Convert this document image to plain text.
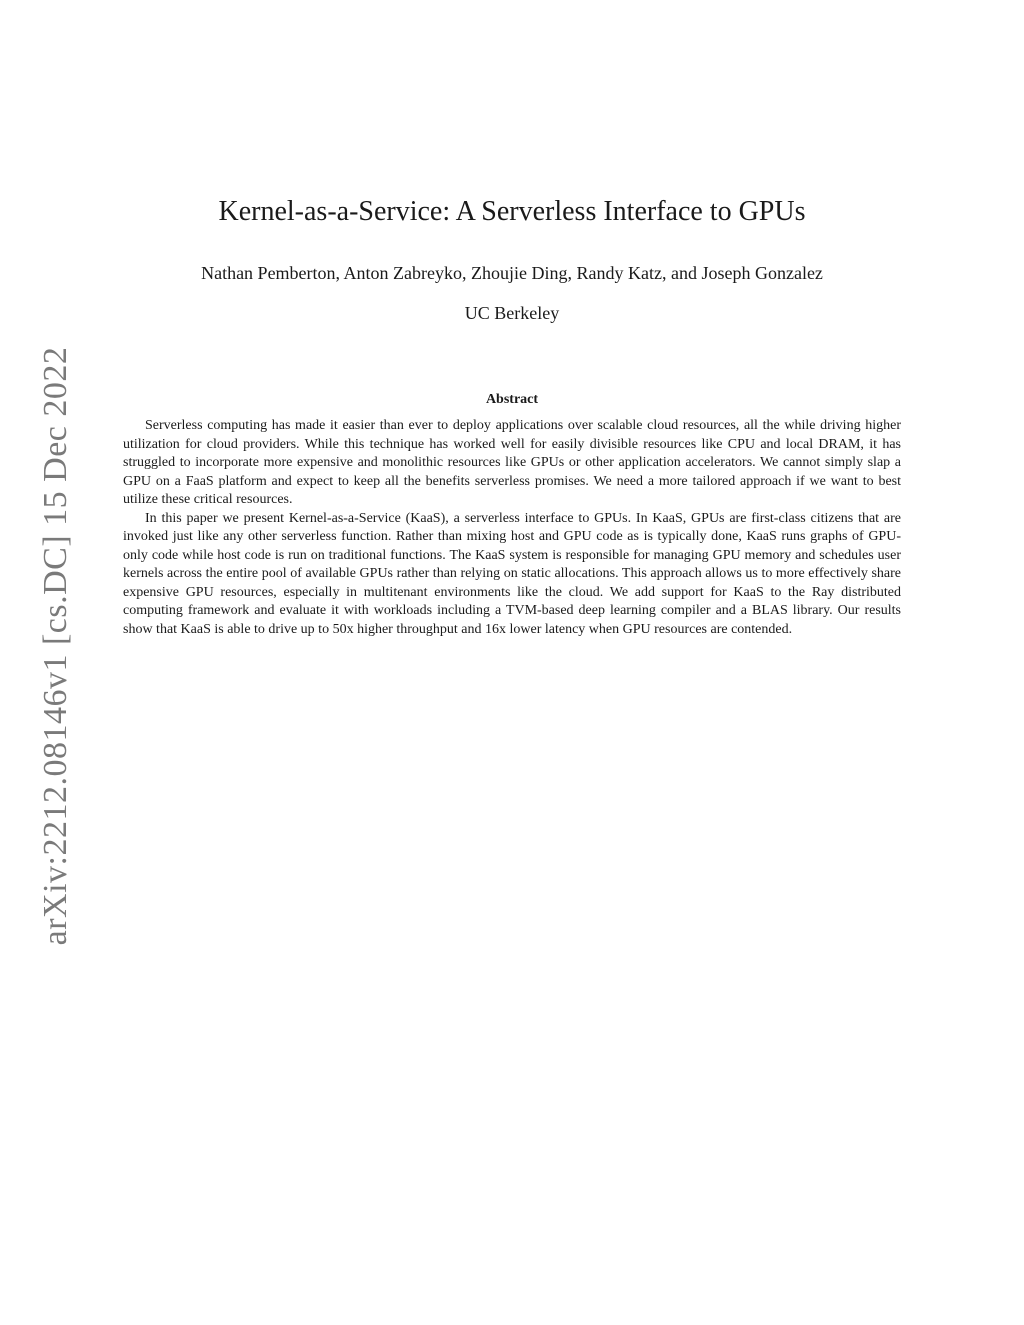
arXiv:2212.08146v1 [cs.DC] 15 Dec 2022
Kernel-as-a-Service: A Serverless Interface to GPUs
Nathan Pemberton, Anton Zabreyko, Zhoujie Ding, Randy Katz, and Joseph Gonzalez
UC Berkeley
Abstract

Serverless computing has made it easier than ever to deploy applications over scalable cloud resources, all the while driving higher utilization for cloud providers. While this technique has worked well for easily divisible resources like CPU and local DRAM, it has struggled to incorporate more expensive and monolithic resources like GPUs or other application accelerators. We cannot simply slap a GPU on a FaaS platform and expect to keep all the benefits serverless promises. We need a more tailored approach if we want to best utilize these critical resources.

In this paper we present Kernel-as-a-Service (KaaS), a serverless interface to GPUs. In KaaS, GPUs are first-class citizens that are invoked just like any other serverless function. Rather than mixing host and GPU code as is typically done, KaaS runs graphs of GPU-only code while host code is run on traditional functions. The KaaS system is responsible for managing GPU memory and schedules user kernels across the entire pool of available GPUs rather than relying on static allocations. This approach allows us to more effectively share expensive GPU resources, especially in multitenant environments like the cloud. We add support for KaaS to the Ray distributed computing framework and evaluate it with workloads including a TVM-based deep learning compiler and a BLAS library. Our results show that KaaS is able to drive up to 50x higher throughput and 16x lower latency when GPU resources are contended.
